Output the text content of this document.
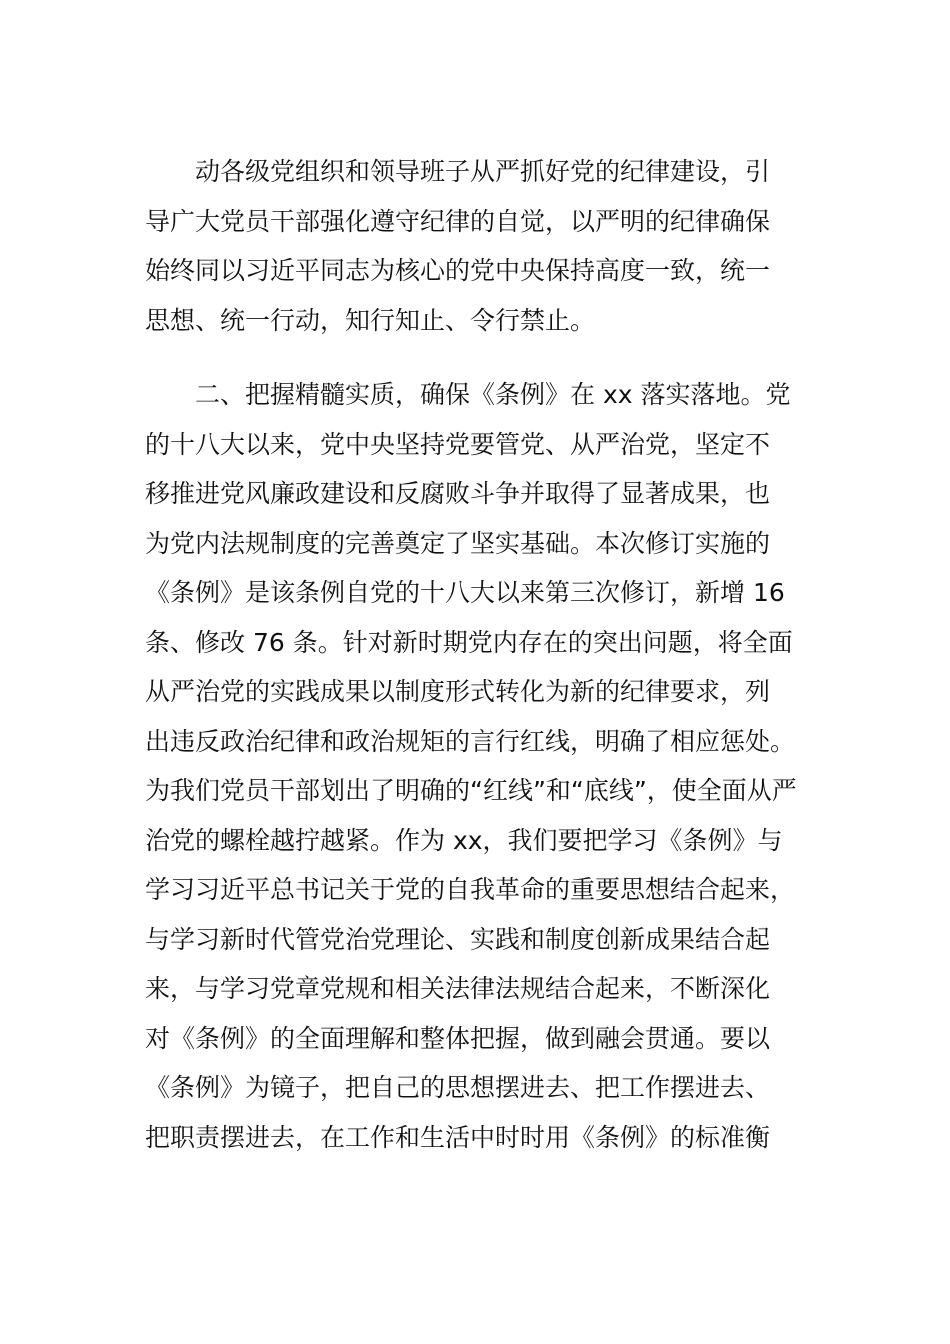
　　动各级党组织和领导班子从严抓好党的纪律建设，引
导广大党员干部强化遵守纪律的自觉，以严明的纪律确保
始终同以习近平同志为核心的党中央保持高度一致，统一
思想、统一行动，知行知止、令行禁止。
　　二、把握精髓实质，确保《条例》在 xx 落实落地。党
的十八大以来，党中央坚持党要管党、从严治党，坚定不
移推进党风廉政建设和反腐败斗争并取得了显著成果，也
为党内法规制度的完善奠定了坚实基础。本次修订实施的
《条例》是该条例自党的十八大以来第三次修订，新增 16
条、修改 76 条。针对新时期党内存在的突出问题，将全面
从严治党的实践成果以制度形式转化为新的纪律要求，列
出违反政治纪律和政治规矩的言行红线，明确了相应惩处。
为我们党员干部划出了明确的“红线”和“底线”，使全面从严
治党的螺栓越拧越紧。作为 xx，我们要把学习《条例》与
学习习近平总书记关于党的自我革命的重要思想结合起来，
与学习新时代管党治党理论、实践和制度创新成果结合起
来，与学习党章党规和相关法律法规结合起来，不断深化
对《条例》的全面理解和整体把握，做到融会贯通。要以
《条例》为镜子，把自己的思想摆进去、把工作摆进去、
把职责摆进去，在工作和生活中时时用《条例》的标准衡
